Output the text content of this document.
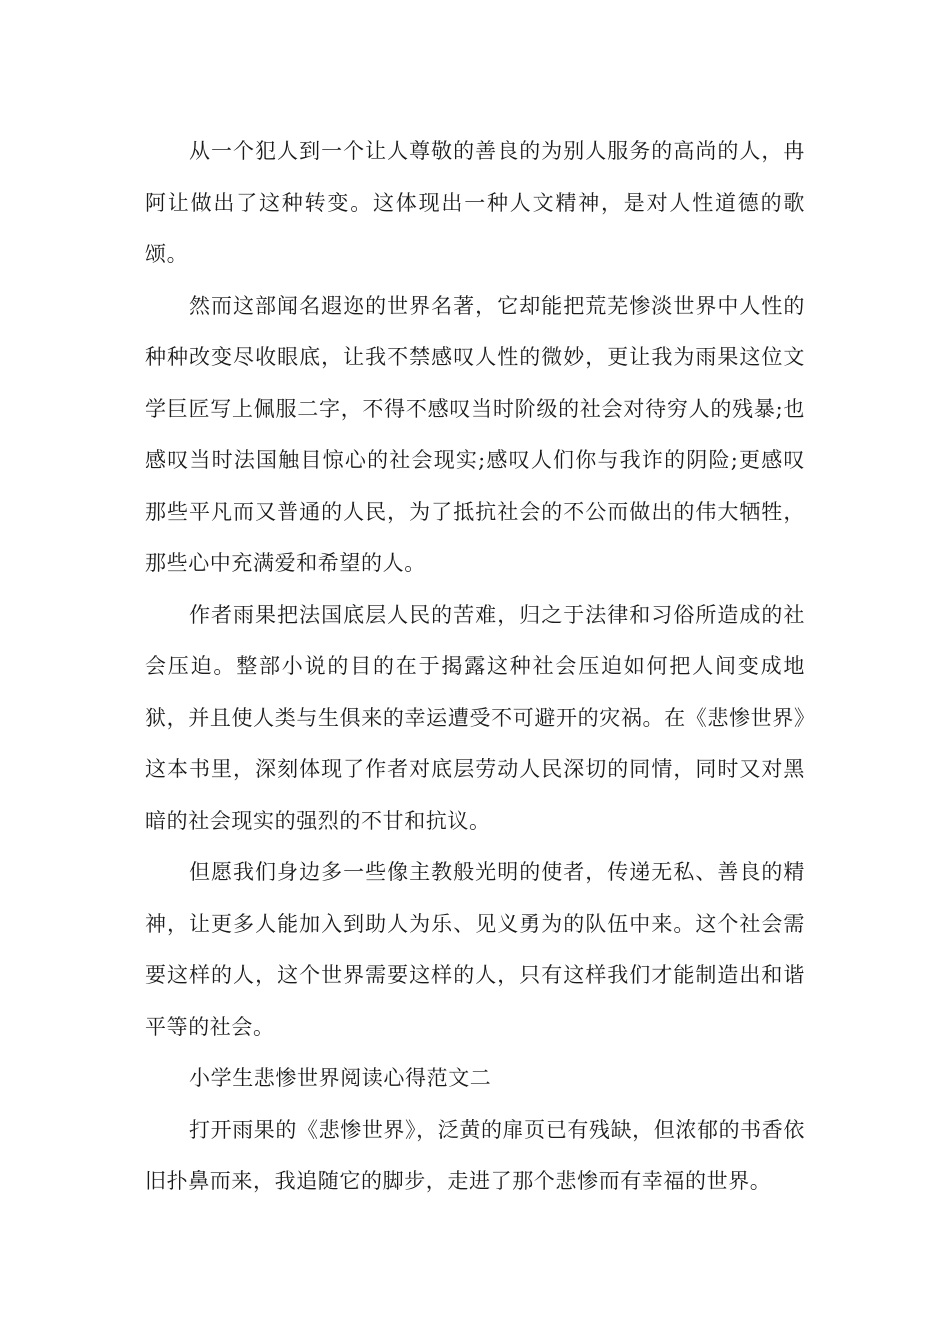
从一个犯人到一个让人尊敬的善良的为别人服务的高尚的人，冉阿让做出了这种转变。这体现出一种人文精神，是对人性道德的歌颂。

然而这部闻名遐迩的世界名著，它却能把荒芜惨淡世界中人性的种种改变尽收眼底，让我不禁感叹人性的微妙，更让我为雨果这位文学巨匠写上佩服二字，不得不感叹当时阶级的社会对待穷人的残暴;也感叹当时法国触目惊心的社会现实;感叹人们你与我诈的阴险;更感叹那些平凡而又普通的人民，为了抵抗社会的不公而做出的伟大牺牲，那些心中充满爱和希望的人。

作者雨果把法国底层人民的苦难，归之于法律和习俗所造成的社会压迫。整部小说的目的在于揭露这种社会压迫如何把人间变成地狱，并且使人类与生俱来的幸运遭受不可避开的灾祸。在《悲惨世界》这本书里，深刻体现了作者对底层劳动人民深切的同情，同时又对黑暗的社会现实的强烈的不甘和抗议。

但愿我们身边多一些像主教般光明的使者，传递无私、善良的精神，让更多人能加入到助人为乐、见义勇为的队伍中来。这个社会需要这样的人，这个世界需要这样的人，只有这样我们才能制造出和谐平等的社会。

小学生悲惨世界阅读心得范文二

打开雨果的《悲惨世界》，泛黄的扉页已有残缺，但浓郁的书香依旧扑鼻而来，我追随它的脚步，走进了那个悲惨而有幸福的世界。
